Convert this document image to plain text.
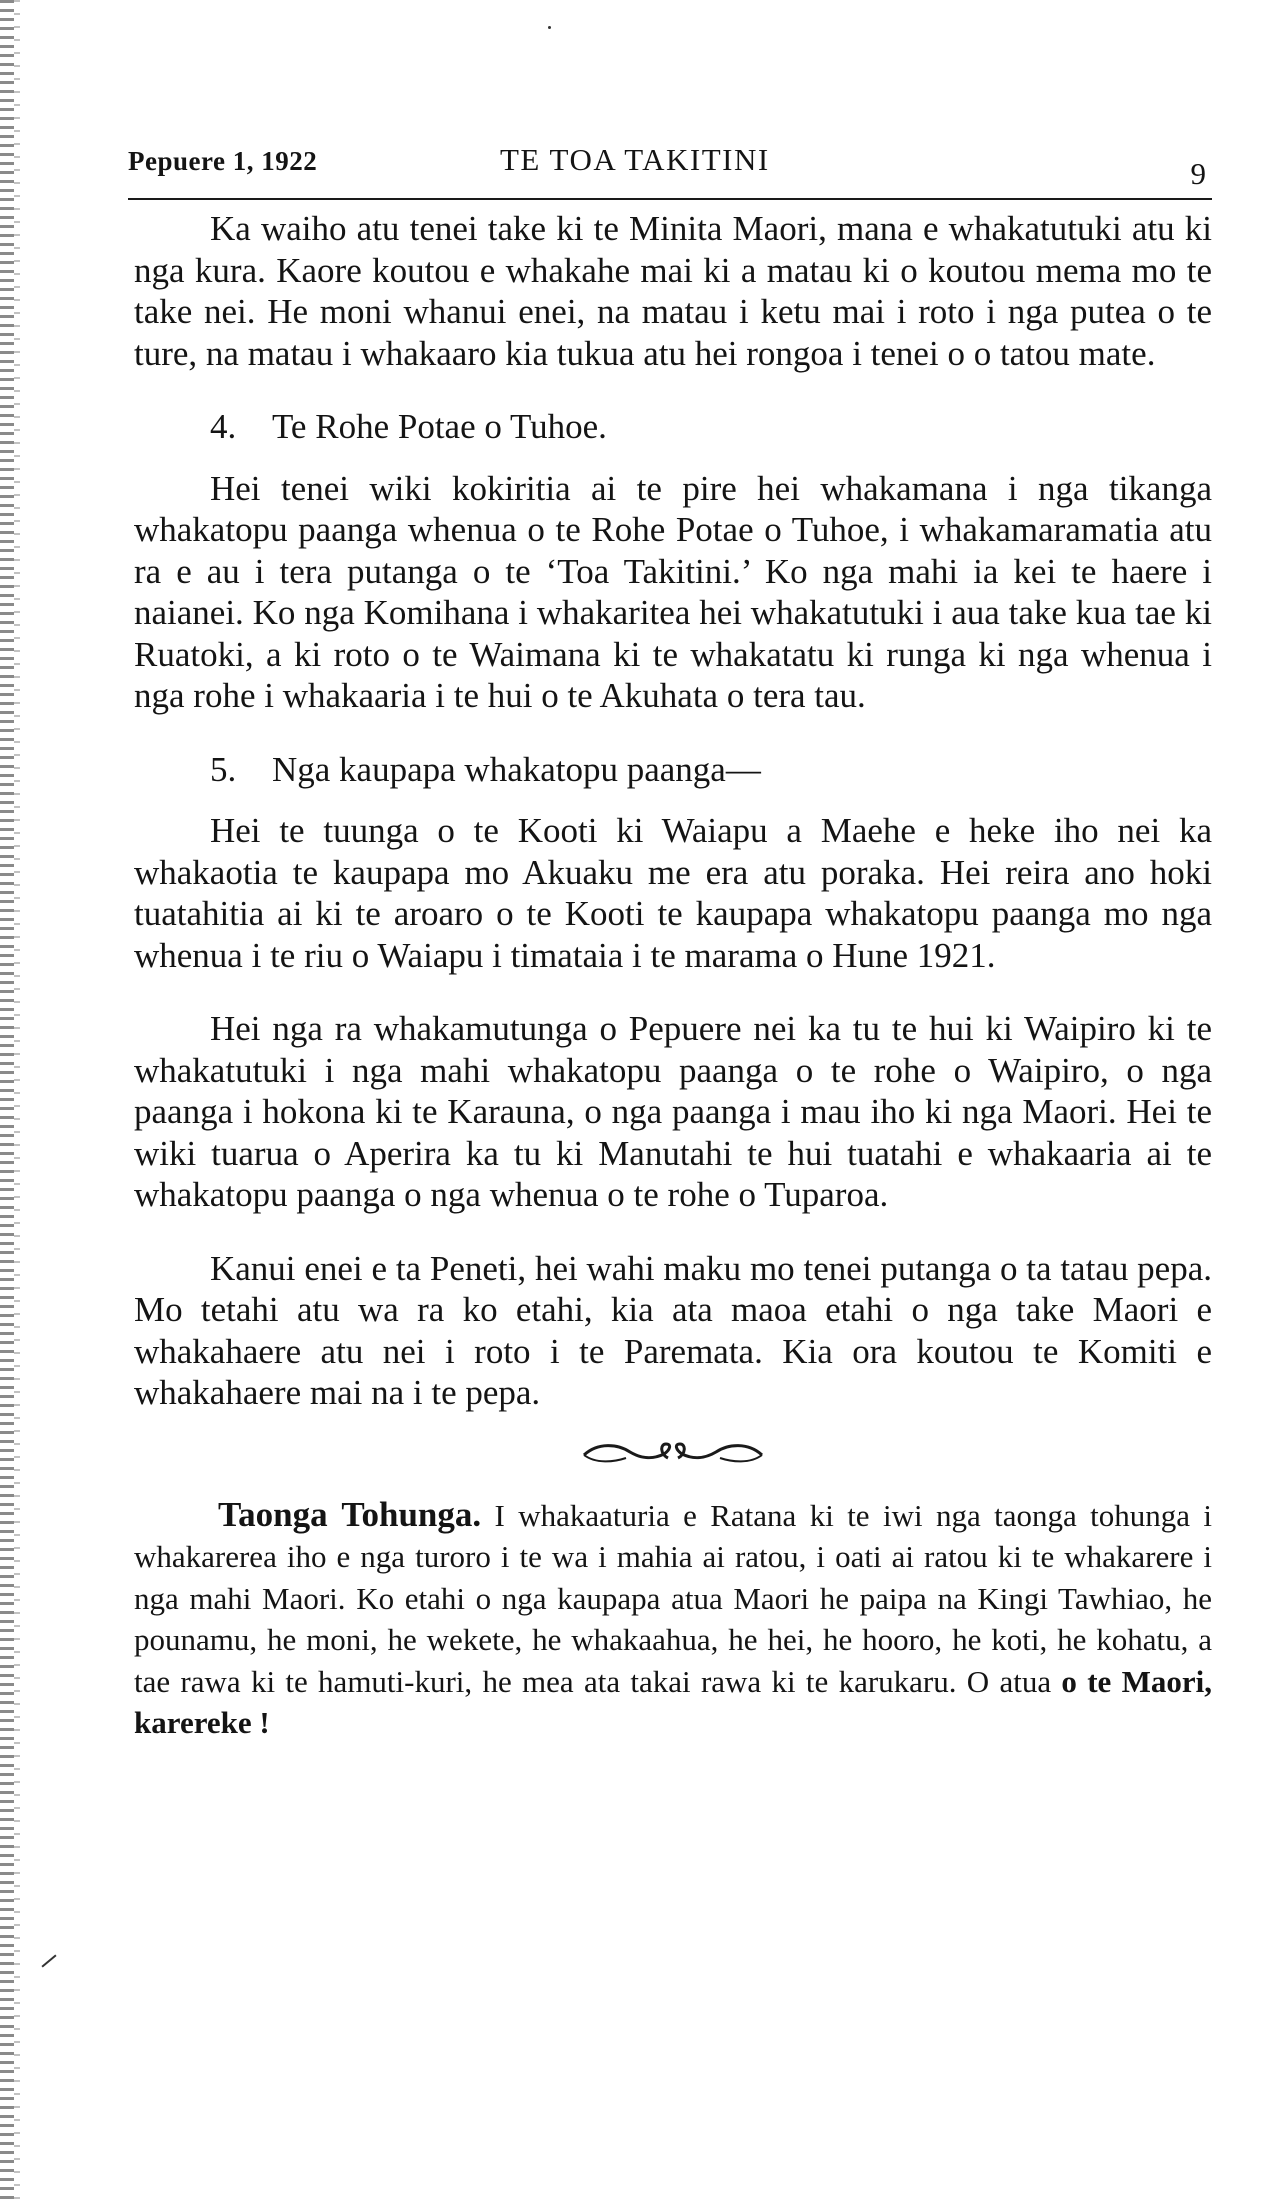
Pepuere 1, 1922	TE TOA TAKITINI	9

Ka waiho atu tenei take ki te Minita Maori, mana e whakatutuki atu ki nga kura. Kaore koutou e whakahe mai ki a matau ki o koutou mema mo te take nei. He moni whanui enei, na matau i ketu mai i roto i nga putea o te ture, na matau i whakaaro kia tukua atu hei rongoa i tenei o o tatou mate.

4. Te Rohe Potae o Tuhoe.

Hei tenei wiki kokiritia ai te pire hei whakamana i nga tikanga whakatopu paanga whenua o te Rohe Potae o Tuhoe, i whakamaramatia atu ra e au i tera putanga o te ‘Toa Takitini.’ Ko nga mahi ia kei te haere i naianei. Ko nga Komihana i whakaritea hei whakatutuki i aua take kua tae ki Ruatoki, a ki roto o te Waimana ki te whakatatu ki runga ki nga whenua i nga rohe i whakaaria i te hui o te Akuhata o tera tau.

5. Nga kaupapa whakatopu paanga—

Hei te tuunga o te Kooti ki Waiapu a Maehe e heke iho nei ka whakaotia te kaupapa mo Akuaku me era atu poraka. Hei reira ano hoki tuatahitia ai ki te aroaro o te Kooti te kaupapa whakatopu paanga mo nga whenua i te riu o Waiapu i timataia i te marama o Hune 1921.

Hei nga ra whakamutunga o Pepuere nei ka tu te hui ki Waipiro ki te whakatutuki i nga mahi whakatopu paanga o te rohe o Waipiro, o nga paanga i hokona ki te Karauna, o nga paanga i mau iho ki nga Maori. Hei te wiki tuarua o Aperira ka tu ki Manutahi te hui tuatahi e whakaaria ai te whakatopu paanga o nga whenua o te rohe o Tuparoa.

Kanui enei e ta Peneti, hei wahi maku mo tenei putanga o ta tatau pepa. Mo tetahi atu wa ra ko etahi, kia ata maoa etahi o nga take Maori e whakahaere atu nei i roto i te Paremata. Kia ora koutou te Komiti e whakahaere mai na i te pepa.

Taonga Tohunga. I whakaaturia e Ratana ki te iwi nga taonga tohunga i whakarerea iho e nga turoro i te wa i mahia ai ratou, i oati ai ratou ki te whakarere i nga mahi Maori. Ko etahi o nga kaupapa atua Maori he paipa na Kingi Tawhiao, he pounamu, he moni, he wekete, he whakaahua, he hei, he hooro, he koti, he kohatu, a tae rawa ki te hamuti-kuri, he mea ata takai rawa ki te karukaru. O atua o te Maori, karereke !
